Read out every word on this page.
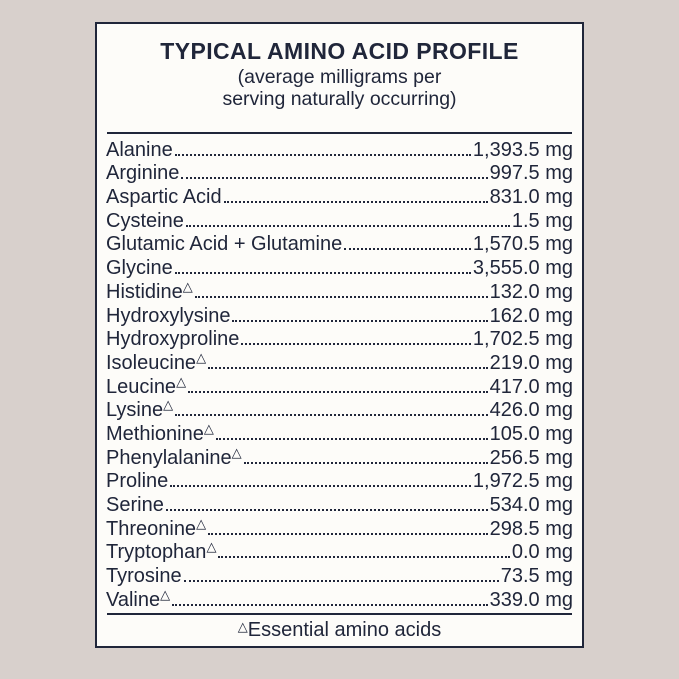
TYPICAL AMINO ACID PROFILE
(average milligrams per
serving naturally occurring)
Alanine	1,393.5 mg
Arginine	997.5 mg
Aspartic Acid	831.0 mg
Cysteine	1.5 mg
Glutamic Acid + Glutamine	1,570.5 mg
Glycine	3,555.0 mg
Histidine△	132.0 mg
Hydroxylysine	162.0 mg
Hydroxyproline	1,702.5 mg
Isoleucine△	219.0 mg
Leucine△	417.0 mg
Lysine△	426.0 mg
Methionine△	105.0 mg
Phenylalanine△	256.5 mg
Proline	1,972.5 mg
Serine	534.0 mg
Threonine△	298.5 mg
Tryptophan△	0.0 mg
Tyrosine	73.5 mg
Valine△	339.0 mg
△Essential amino acids
